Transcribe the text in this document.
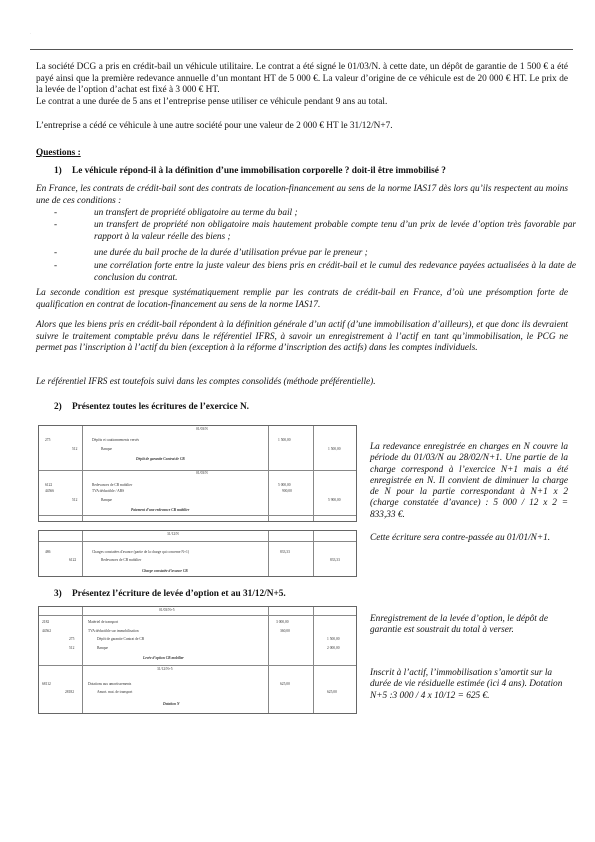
.

La société DCG a pris en crédit-bail un véhicule utilitaire. Le contrat a été signé le 01/03/N. à cette date, un dépôt de garantie de 1 500 € a été payé ainsi que la première redevance annuelle d’un montant HT de 5 000 €. La valeur d’origine de ce véhicule est de 20 000 € HT. Le prix de la levée de l’option d’achat est fixé à 3 000 € HT.

Le contrat a une durée de 5 ans et l’entreprise pense utiliser ce véhicule pendant 9 ans au total.

L’entreprise a cédé ce véhicule à une autre société pour une valeur de 2 000 € HT le 31/12/N+7.

Questions :
1) Le véhicule répond-il à la définition d’une immobilisation corporelle ? doit-il être immobilisé ?

En France, les contrats de crédit-bail sont des contrats de location-financement au sens de la norme IAS17 dès lors qu’ils respectent au moins une de ces conditions :

-	un transfert de propriété obligatoire au terme du bail ;
-	un transfert de propriété non obligatoire mais hautement probable compte tenu d’un prix de levée d’option très favorable par rapport à la valeur réelle des biens ;
-	une durée du bail proche de la durée d’utilisation prévue par le preneur ;
-	une corrélation forte entre la juste valeur des biens pris en crédit-bail et le cumul des redevance payées actualisées à la date de conclusion du contrat.

La seconde condition est presque systématiquement remplie par les contrats de crédit-bail en France, d’où une présomption forte de qualification en contrat de location-financement au sens de la norme IAS17.

Alors que les biens pris en crédit-bail répondent à la définition générale d’un actif (d’une immobilisation d’ailleurs), et que donc ils devraient suivre le traitement comptable prévu dans le référentiel IFRS, à savoir un enregistrement à l’actif en tant qu’immobilisation, le PCG ne permet pas l’inscription à l’actif du bien (exception à la réforme d’inscription des actifs) dans les comptes individuels.

Le référentiel IFRS est toutefois suivi dans les comptes consolidés (méthode préférentielle).

2) Présentez toutes les écritures de l’exercice N.
01/03/N
275	Dépôts et cautionnements versés	1 500,00
512	Banque	1 500,00
Dépôt de garantie Contrat de CB
01/03/N
6122	Redevances de CB mobilier	5 000,00
44566	TVA déductible / ABS	900,00
512	Banque	5 900,00
Paiement d’une redevance CB mobilier
31/12/N
486	Charges constatées d'avance (partie de la charge qui concerne N+1)	833,33
6122	Redevances de CB mobilier	833,33
Charge constatée d’avance CB

La redevance enregistrée en charges en N couvre la période du 01/03/N au 28/02/N+1. Une partie de la charge correspond à l’exercice N+1 mais a été enregistrée en N. Il convient de diminuer la charge de N pour la partie correspondant à N+1 x 2 (charge constatée d’avance) : 5 000 / 12 x 2 = 833,33 €.

Cette écriture sera contre-passée au 01/01/N+1.

3) Présentez l’écriture de levée d’option et au 31/12/N+5.
01/03/N+5
2182	Matériel de transport	3 000,00
44562	TVA déductible sur immobilisation	360,00
275	Dépôt de garantie Contrat de CB	1 500,00
512	Banque	2 000,00
Levée d’option CB mobilier
31/12/N+5
68112	Dotations aux amortissements	625,00
28182	Amort. mat. de transport	625,00
Dotation N

Enregistrement de la levée d’option, le dépôt de garantie est soustrait du total à verser.

Inscrit à l’actif, l’immobilisation s’amortit sur la durée de vie résiduelle estimée (ici 4 ans). Dotation N+5 :3 000 / 4 x 10/12 = 625 €.
